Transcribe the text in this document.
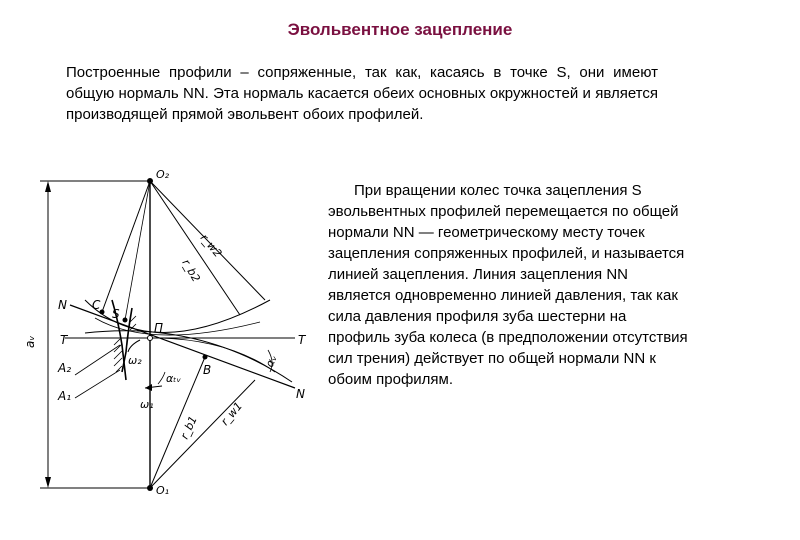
Эвольвентное зацепление
Построенные профили – сопряженные, так как, касаясь в точке S, они имеют общую нормаль NN. Эта нормаль касается обеих основных окружностей и является производящей прямой эвольвент обоих профилей.
При вращении колес точка зацепления S эвольвентных профилей перемещается по общей нормали NN — геометрическому месту точек зацепления сопряженных профилей, и называется линией зацепления. Линия зацепления NN является одновременно линией давления, так как сила давления профиля зуба шестерни на профиль зуба колеса (в предположении отсутствия сил трения) действует по общей нормали NN к обоим профилям.
aᵥ
O₂
O₁
T	T
N
N
r_b2
r_w2
r_b1 r_w1
C
S
П
B
A₂
A₁
αᵥ
αₜᵥ
ω₂
ω₁
